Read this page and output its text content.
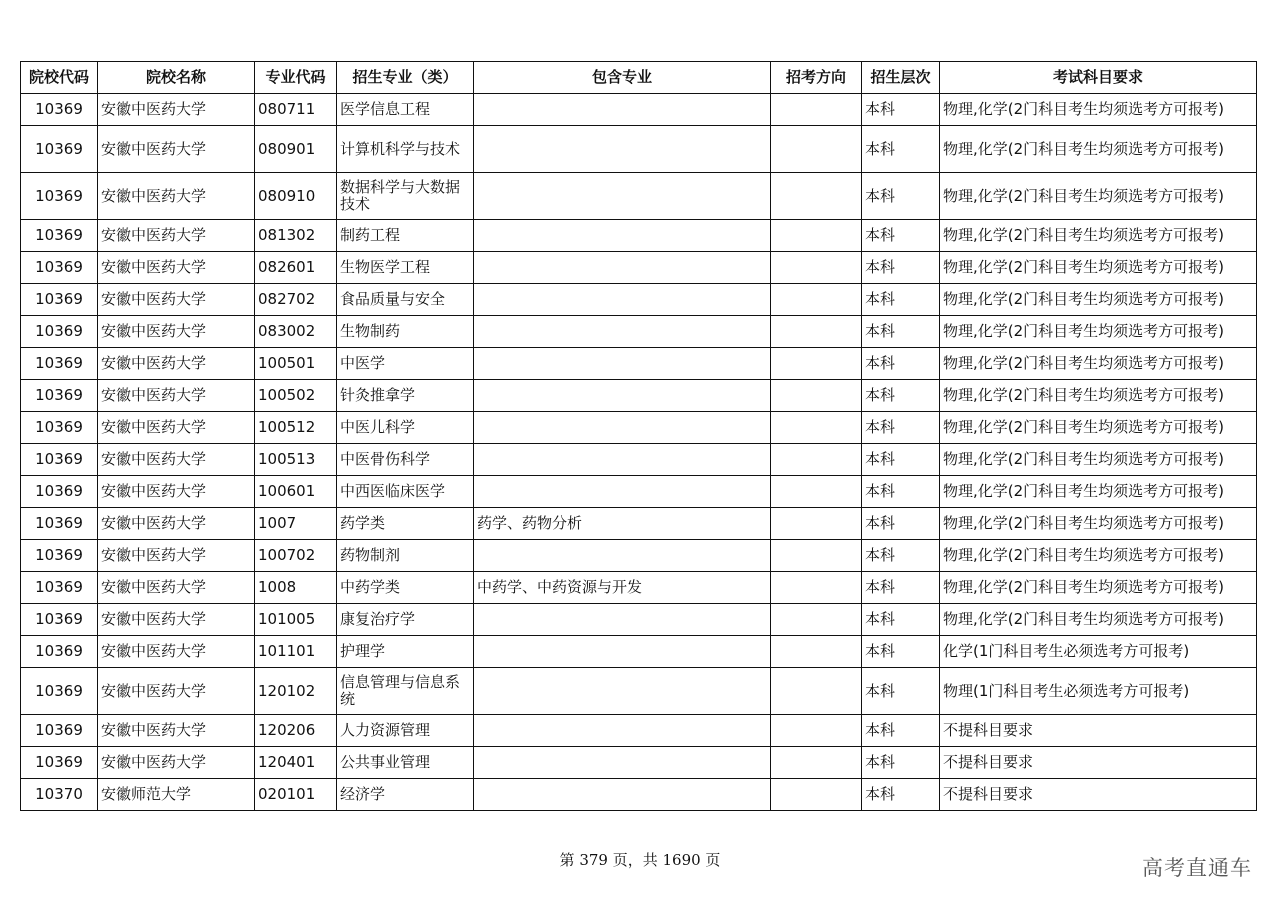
院校代码	院校名称	专业代码	招生专业（类）	包含专业	招考方向	招生层次	考试科目要求
10369	安徽中医药大学	080711	医学信息工程			本科	物理,化学(2门科目考生均须选考方可报考)
10369	安徽中医药大学	080901	计算机科学与技术			本科	物理,化学(2门科目考生均须选考方可报考)
10369	安徽中医药大学	080910	数据科学与大数据技术			本科	物理,化学(2门科目考生均须选考方可报考)
10369	安徽中医药大学	081302	制药工程			本科	物理,化学(2门科目考生均须选考方可报考)
10369	安徽中医药大学	082601	生物医学工程			本科	物理,化学(2门科目考生均须选考方可报考)
10369	安徽中医药大学	082702	食品质量与安全			本科	物理,化学(2门科目考生均须选考方可报考)
10369	安徽中医药大学	083002	生物制药			本科	物理,化学(2门科目考生均须选考方可报考)
10369	安徽中医药大学	100501	中医学			本科	物理,化学(2门科目考生均须选考方可报考)
10369	安徽中医药大学	100502	针灸推拿学			本科	物理,化学(2门科目考生均须选考方可报考)
10369	安徽中医药大学	100512	中医儿科学			本科	物理,化学(2门科目考生均须选考方可报考)
10369	安徽中医药大学	100513	中医骨伤科学			本科	物理,化学(2门科目考生均须选考方可报考)
10369	安徽中医药大学	100601	中西医临床医学			本科	物理,化学(2门科目考生均须选考方可报考)
10369	安徽中医药大学	1007	药学类	药学、药物分析		本科	物理,化学(2门科目考生均须选考方可报考)
10369	安徽中医药大学	100702	药物制剂			本科	物理,化学(2门科目考生均须选考方可报考)
10369	安徽中医药大学	1008	中药学类	中药学、中药资源与开发		本科	物理,化学(2门科目考生均须选考方可报考)
10369	安徽中医药大学	101005	康复治疗学			本科	物理,化学(2门科目考生均须选考方可报考)
10369	安徽中医药大学	101101	护理学			本科	化学(1门科目考生必须选考方可报考)
10369	安徽中医药大学	120102	信息管理与信息系统			本科	物理(1门科目考生必须选考方可报考)
10369	安徽中医药大学	120206	人力资源管理			本科	不提科目要求
10369	安徽中医药大学	120401	公共事业管理			本科	不提科目要求
10370	安徽师范大学	020101	经济学			本科	不提科目要求
第 379 页，共 1690 页	高考直通车
